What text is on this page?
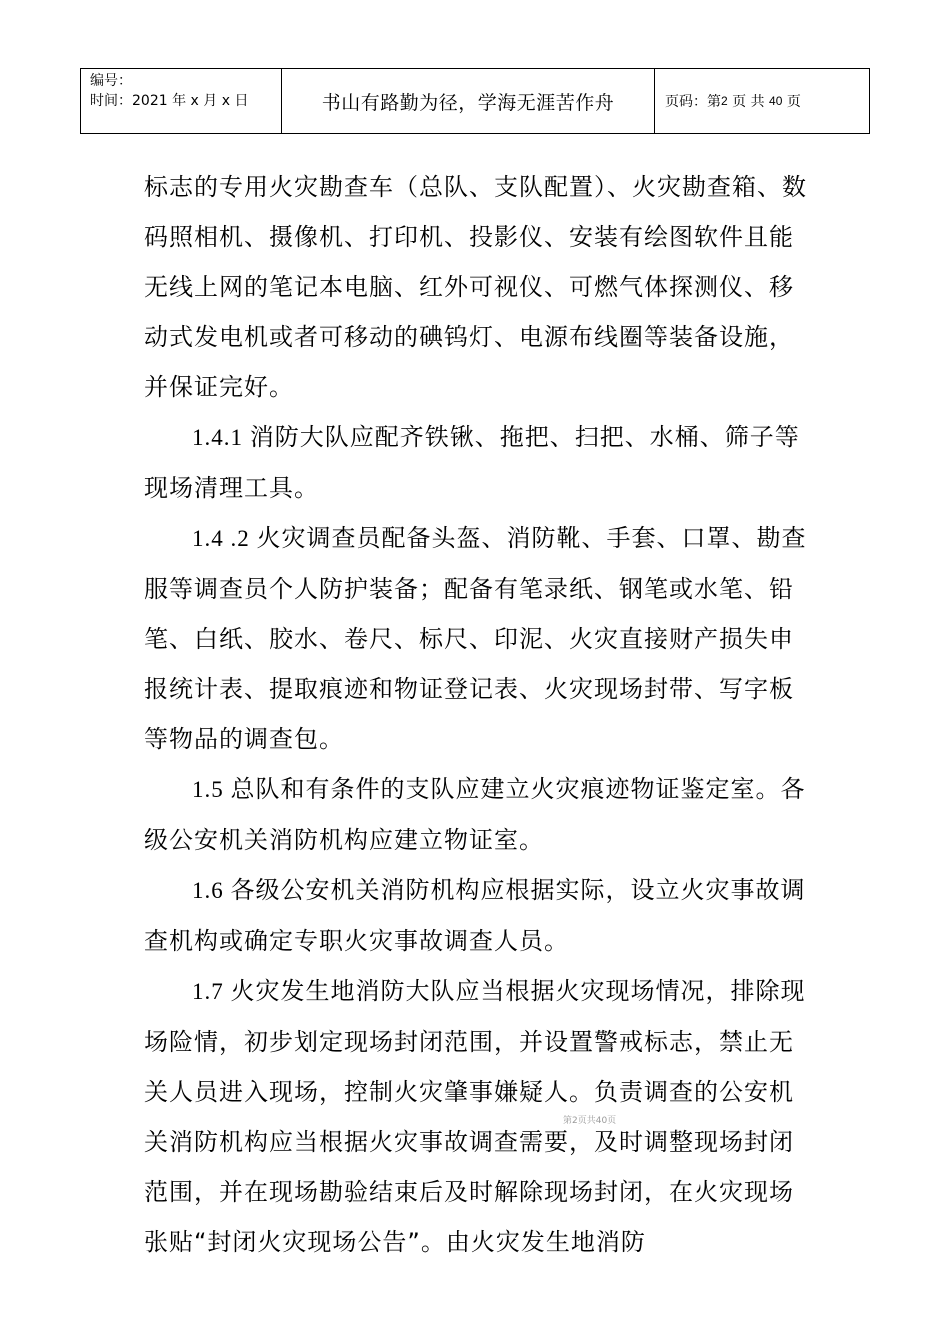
编号：
时间：2021 年 x 月 x 日	书山有路勤为径，学海无涯苦作舟	页码：第 2
页 共
40
页

标志的专用火灾勘查车（总队、支队配置）、火灾勘查箱、数码照相机、摄像机、打印机、投影仪、安装有绘图软件且能无线上网的笔记本电脑、红外可视仪、可燃气体探测仪、移动式发电机或者可移动的碘钨灯、电源布线圈等装备设施，并保证完好。

1.4.1 消防大队应配齐铁锹、拖把、扫把、水桶、筛子等现场清理工具。

1.4 .2 火灾调查员配备头盔、消防靴、手套、口罩、勘查服等调查员个人防护装备；配备有笔录纸、钢笔或水笔、铅笔、白纸、胶水、卷尺、标尺、印泥、火灾直接财产损失申报统计表、提取痕迹和物证登记表、火灾现场封带、写字板等物品的调查包。

1.5 总队和有条件的支队应建立火灾痕迹物证鉴定室。各级公安机关消防机构应建立物证室。

1.6 各级公安机关消防机构应根据实际，设立火灾事故调查机构或确定专职火灾事故调查人员。

1.7 火灾发生地消防大队应当根据火灾现场情况，排除现场险情，初步划定现场封闭范围，并设置警戒标志，禁止无关人员进入现场，控制火灾肇事嫌疑人。负责调查的公安机关消防机构应当根据火灾事故调查需要，及时调整现场封闭范围，并在现场勘验结束后及时解除现场封闭，在火灾现场张贴“封闭火灾现场公告”。由火灾发生地消防

第2页共40页
